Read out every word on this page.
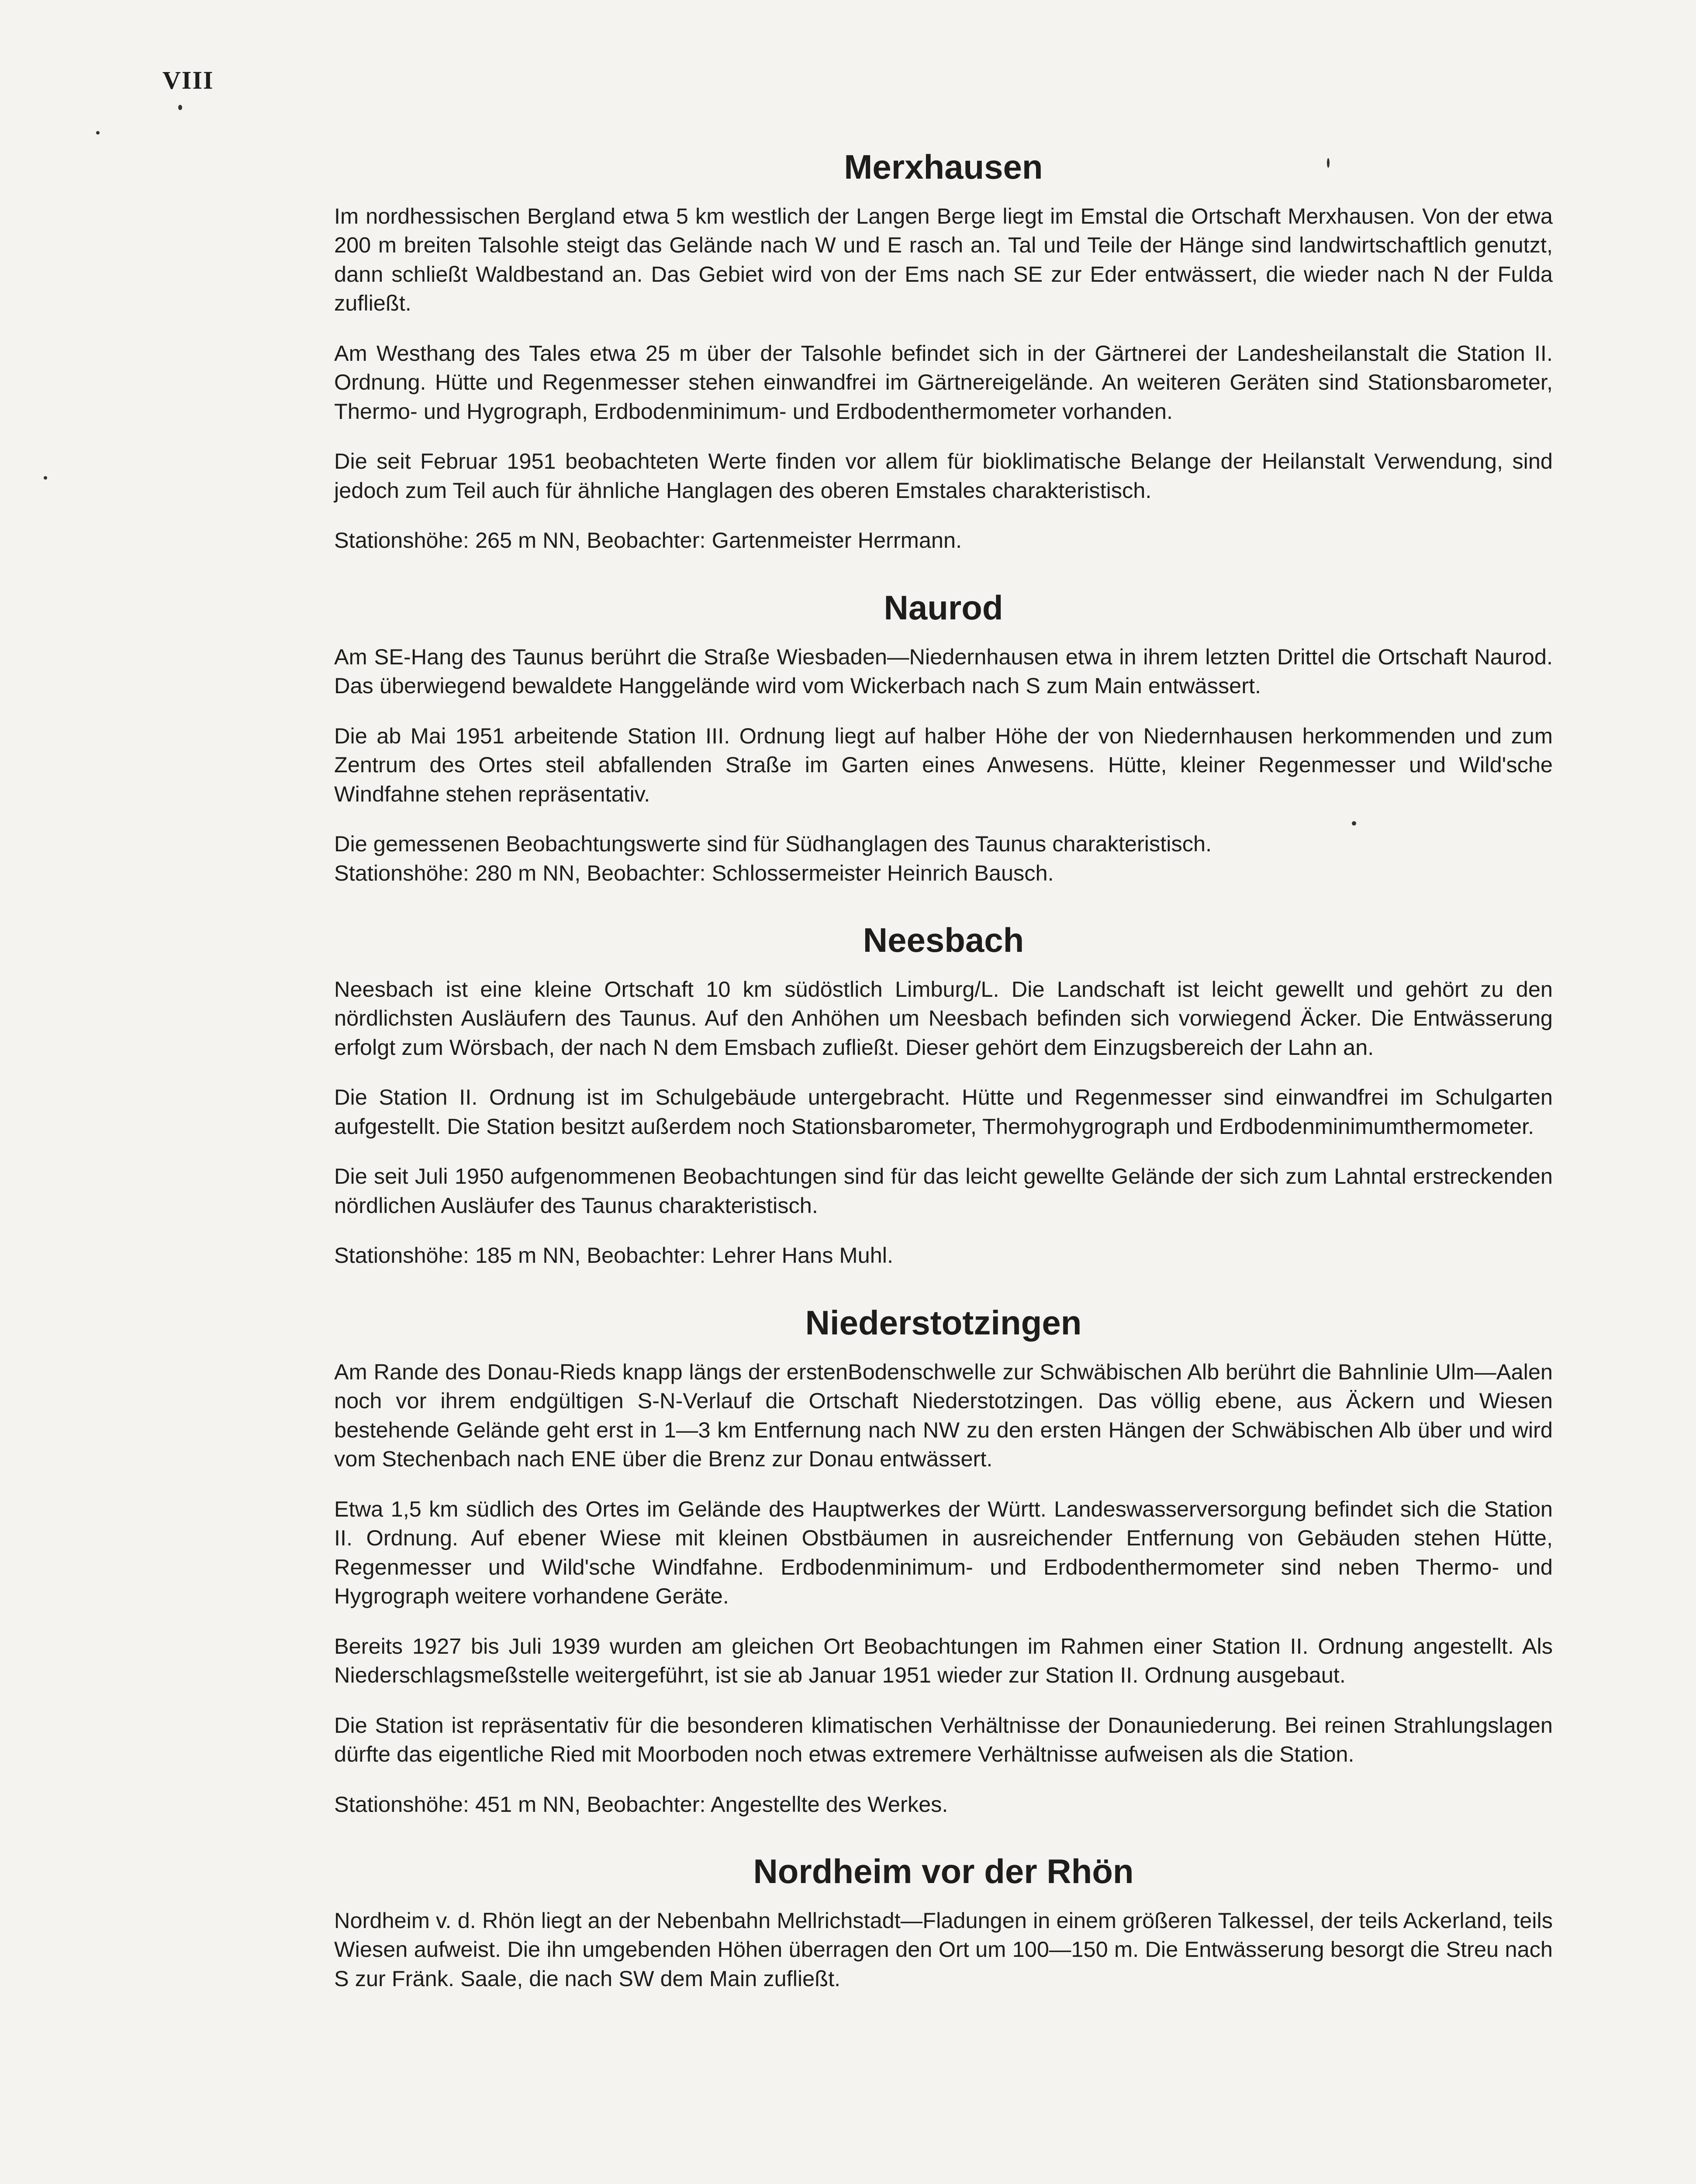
VIII
Merxhausen

Im nordhessischen Bergland etwa 5 km westlich der Langen Berge liegt im Emstal die Ortschaft Merxhausen. Von der etwa 200 m breiten Talsohle steigt das Gelände nach W und E rasch an. Tal und Teile der Hänge sind landwirtschaftlich genutzt, dann schließt Waldbestand an. Das Gebiet wird von der Ems nach SE zur Eder entwässert, die wieder nach N der Fulda zufließt.

Am Westhang des Tales etwa 25 m über der Talsohle befindet sich in der Gärtnerei der Landesheilanstalt die Station II. Ordnung. Hütte und Regenmesser stehen einwandfrei im Gärtnereigelände. An weiteren Geräten sind Stationsbarometer, Thermo- und Hygrograph, Erdbodenminimum- und Erdbodenthermometer vorhanden.

Die seit Februar 1951 beobachteten Werte finden vor allem für bioklimatische Belange der Heilanstalt Verwendung, sind jedoch zum Teil auch für ähnliche Hanglagen des oberen Emstales charakteristisch.

Stationshöhe: 265 m NN, Beobachter: Gartenmeister Herrmann.

Naurod

Am SE-Hang des Taunus berührt die Straße Wiesbaden—Niedernhausen etwa in ihrem letzten Drittel die Ortschaft Naurod. Das überwiegend bewaldete Hanggelände wird vom Wickerbach nach S zum Main entwässert.

Die ab Mai 1951 arbeitende Station III. Ordnung liegt auf halber Höhe der von Niedernhausen herkommenden und zum Zentrum des Ortes steil abfallenden Straße im Garten eines Anwesens. Hütte, kleiner Regenmesser und Wild'sche Windfahne stehen repräsentativ.

Die gemessenen Beobachtungswerte sind für Südhanglagen des Taunus charakteristisch.

Stationshöhe: 280 m NN, Beobachter: Schlossermeister Heinrich Bausch.

Neesbach

Neesbach ist eine kleine Ortschaft 10 km südöstlich Limburg/L. Die Landschaft ist leicht gewellt und gehört zu den nördlichsten Ausläufern des Taunus. Auf den Anhöhen um Neesbach befinden sich vorwiegend Äcker. Die Entwässerung erfolgt zum Wörsbach, der nach N dem Emsbach zufließt. Dieser gehört dem Einzugsbereich der Lahn an.

Die Station II. Ordnung ist im Schulgebäude untergebracht. Hütte und Regenmesser sind einwandfrei im Schulgarten aufgestellt. Die Station besitzt außerdem noch Stationsbarometer, Thermohygrograph und Erdbodenminimumthermometer.

Die seit Juli 1950 aufgenommenen Beobachtungen sind für das leicht gewellte Gelände der sich zum Lahntal erstreckenden nördlichen Ausläufer des Taunus charakteristisch.

Stationshöhe: 185 m NN, Beobachter: Lehrer Hans Muhl.

Niederstotzingen

Am Rande des Donau-Rieds knapp längs der erstenBodenschwelle zur Schwäbischen Alb berührt die Bahnlinie Ulm—Aalen noch vor ihrem endgültigen S-N-Verlauf die Ortschaft Niederstotzingen. Das völlig ebene, aus Äckern und Wiesen bestehende Gelände geht erst in 1—3 km Entfernung nach NW zu den ersten Hängen der Schwäbischen Alb über und wird vom Stechenbach nach ENE über die Brenz zur Donau entwässert.

Etwa 1,5 km südlich des Ortes im Gelände des Hauptwerkes der Württ. Landeswasserversorgung befindet sich die Station II. Ordnung. Auf ebener Wiese mit kleinen Obstbäumen in ausreichender Entfernung von Gebäuden stehen Hütte, Regenmesser und Wild'sche Windfahne. Erdbodenminimum- und Erdbodenthermometer sind neben Thermo- und Hygrograph weitere vorhandene Geräte.

Bereits 1927 bis Juli 1939 wurden am gleichen Ort Beobachtungen im Rahmen einer Station II. Ordnung angestellt. Als Niederschlagsmeßstelle weitergeführt, ist sie ab Januar 1951 wieder zur Station II. Ordnung ausgebaut.

Die Station ist repräsentativ für die besonderen klimatischen Verhältnisse der Donauniederung. Bei reinen Strahlungslagen dürfte das eigentliche Ried mit Moorboden noch etwas extremere Verhältnisse aufweisen als die Station.

Stationshöhe: 451 m NN, Beobachter: Angestellte des Werkes.

Nordheim vor der Rhön

Nordheim v. d. Rhön liegt an der Nebenbahn Mellrichstadt—Fladungen in einem größeren Talkessel, der teils Ackerland, teils Wiesen aufweist. Die ihn umgebenden Höhen überragen den Ort um 100—150 m. Die Entwässerung besorgt die Streu nach S zur Fränk. Saale, die nach SW dem Main zufließt.
